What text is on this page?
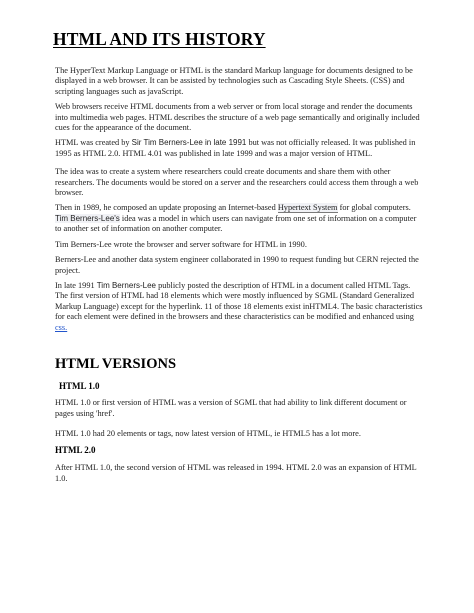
HTML AND ITS HISTORY

The HyperText Markup Language or HTML is the standard Markup language for documents designed to be displayed in a web browser. It can be assisted by technologies such as Cascading Style Sheets. (CSS) and scripting languages such as javaScript.

Web browsers receive HTML documents from a web server or from local storage and render the documents into multimedia web pages. HTML describes the structure of a web page semantically and originally included cues for the appearance of the document.

HTML was created by Sir Tim Berners-Lee in late 1991 but was not officially released. It was published in 1995 as HTML 2.0. HTML 4.01 was published in late 1999 and was a major version of HTML.

The idea was to create a system where researchers could create documents and share them with other researchers. The documents would be stored on a server and the researchers could access them through a web browser.

Then in 1989, he composed an update proposing an Internet-based Hypertext System for global computers. Tim Berners-Lee's idea was a model in which users can navigate from one set of information on a computer to another set of information on another computer.

Tim Berners-Lee wrote the browser and server software for HTML in 1990.

Berners-Lee and another data system engineer collaborated in 1990 to request funding but CERN rejected the project.

In late 1991 Tim Berners-Lee publicly posted the description of HTML in a document called HTML Tags.

The first version of HTML had 18 elements which were mostly influenced by SGML (Standard Generalized Markup Language) except for the hyperlink. 11 of those 18 elements exist inHTML4. The basic characteristics for each element were defined in the browsers and these characteristics can be modified and enhanced using css.

HTML VERSIONS
HTML 1.0

HTML 1.0 or first version of HTML was a version of SGML that had ability to link different document or pages using 'href'.

HTML 1.0 had 20 elements or tags, now latest version of HTML, ie HTML5 has a lot more.

HTML 2.0

After HTML 1.0, the second version of HTML was released in 1994. HTML 2.0 was an expansion of HTML 1.0.
